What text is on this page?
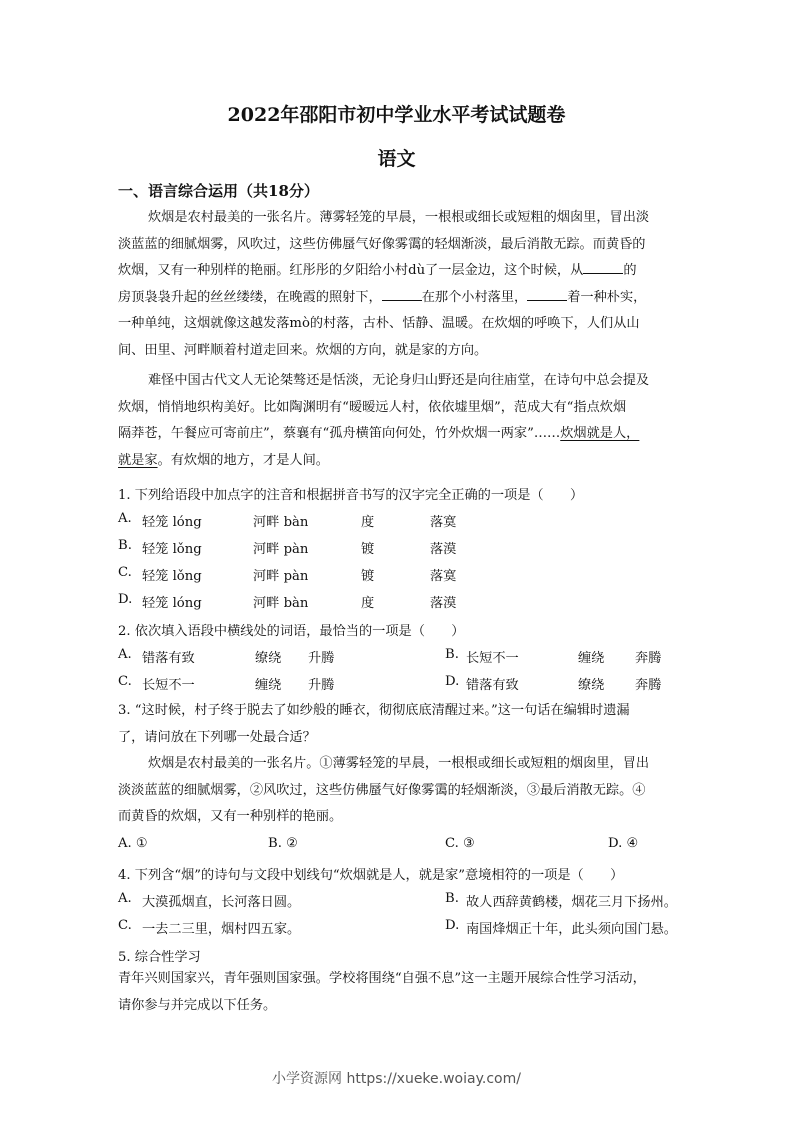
2022年邵阳市初中学业水平考试试题卷
语文
一、语言综合运用（共18分）
炊烟是农村最美的一张名片。薄雾轻笼的早晨，一根根或细长或短粗的烟囱里，冒出淡
淡蓝蓝的细腻烟雾，风吹过，这些仿佛蜃气好像雾霭的轻烟渐淡，最后消散无踪。而黄昏的
炊烟，又有一种别样的艳丽。红彤彤的夕阳给小村dù了一层金边，这个时候，从	的
房顶袅袅升起的丝丝缕缕，在晚霞的照射下，	在那个小村落里，	着一种朴实，
一种单纯，这烟就像这越发落mò的村落，古朴、恬静、温暖。在炊烟的呼唤下，人们从山
间、田里、河畔顺着村道走回来。炊烟的方向，就是家的方向。
难怪中国古代文人无论桀骜还是恬淡，无论身归山野还是向往庙堂，在诗句中总会提及
炊烟，悄悄地织构美好。比如陶渊明有“暧暧远人村，依依墟里烟”，范成大有“指点炊烟
隔莽苍，午餐应可寄前庄”，蔡襄有“孤舟横笛向何处，竹外炊烟一两家”……炊烟就是人，
就是家。有炊烟的地方，才是人间。
1. 下列给语段中加点字的注音和根据拼音书写的汉字完全正确的一项是（　　）
A. 轻笼 lóng	河畔 bàn	度	落寞
B. 轻笼 lǒng	河畔 pàn	镀	落漠
C. 轻笼 lǒng	河畔 pàn	镀	落寞
D. 轻笼 lóng	河畔 bàn	度	落漠
2. 依次填入语段中横线处的词语，最恰当的一项是（　　）
A. 错落有致	缭绕 升腾	B. 长短不一	缠绕 奔腾
C. 长短不一	缠绕 升腾	D. 错落有致	缭绕 奔腾
3. “这时候，村子终于脱去了如纱般的睡衣，彻彻底底清醒过来。”这一句话在编辑时遗漏
了，请问放在下列哪一处最合适？
炊烟是农村最美的一张名片。①薄雾轻笼的早晨，一根根或细长或短粗的烟囱里，冒出
淡淡蓝蓝的细腻烟雾，②风吹过，这些仿佛蜃气好像雾霭的轻烟渐淡，③最后消散无踪。④
而黄昏的炊烟，又有一种别样的艳丽。
A. ①	B. ②	C. ③	D. ④
4. 下列含“烟”的诗句与文段中划线句“炊烟就是人，就是家”意境相符的一项是（　　）
A. 大漠孤烟直，长河落日圆。	B. 故人西辞黄鹤楼，烟花三月下扬州。
C. 一去二三里，烟村四五家。	D. 南国烽烟正十年，此头须向国门悬。
5. 综合性学习
青年兴则国家兴，青年强则国家强。学校将围绕“自强不息”这一主题开展综合性学习活动，
请你参与并完成以下任务。
小学资源网 https://xueke.woiay.com/
